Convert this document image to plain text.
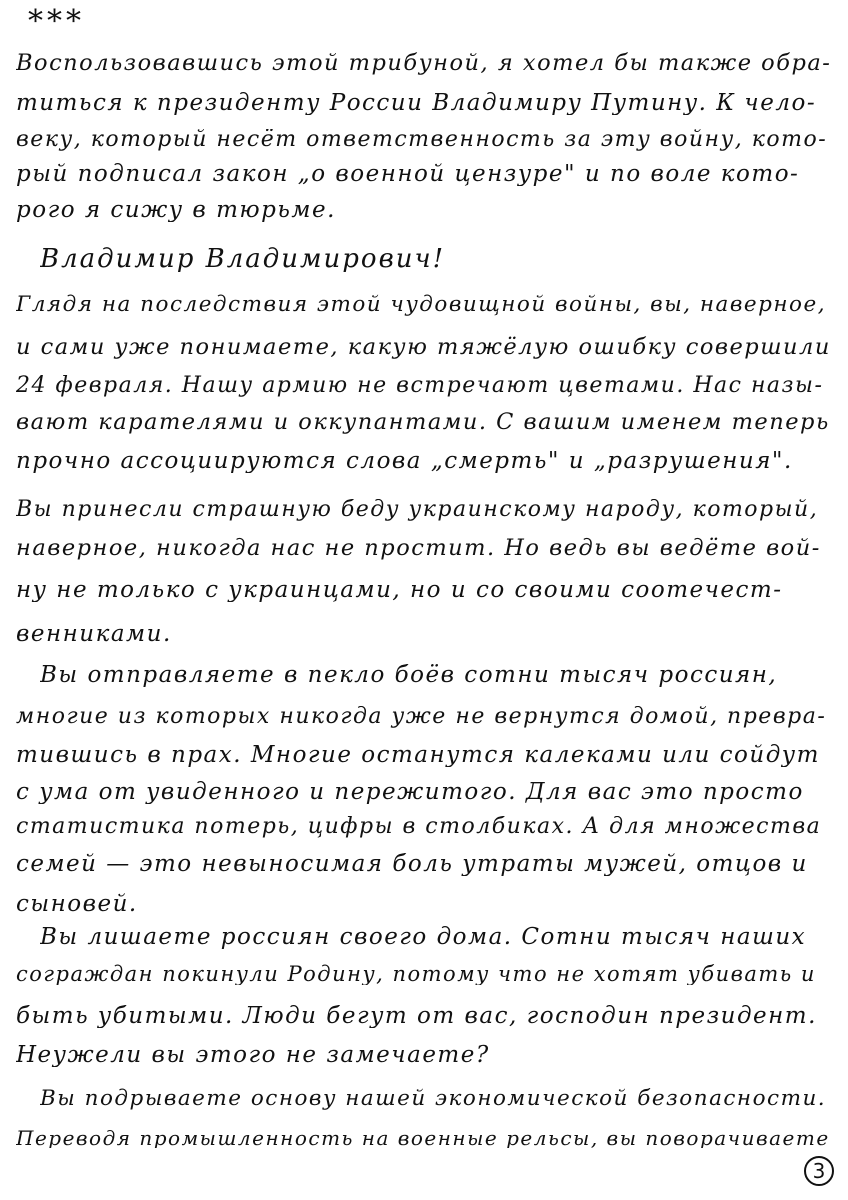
***
Воспользовавшись этой трибуной, я хотел бы также обра-
титься к президенту России Владимиру Путину. К чело-
веку, который несёт ответственность за эту войну, кото-
рый подписал закон „о военной цензуре" и по воле кото-
рого я сижу в тюрьме.
Владимир Владимирович!
Глядя на последствия этой чудовищной войны, вы, наверное,
и сами уже понимаете, какую тяжёлую ошибку совершили
24 февраля. Нашу армию не встречают цветами. Нас назы-
вают карателями и оккупантами. С вашим именем теперь
прочно ассоциируются слова „смерть" и „разрушения".
Вы принесли страшную беду украинскому народу, который,
наверное, никогда нас не простит. Но ведь вы ведёте вой-
ну не только с украинцами, но и со своими соотечест-
венниками.
Вы отправляете в пекло боёв сотни тысяч россиян,
многие из которых никогда уже не вернутся домой, превра-
тившись в прах. Многие останутся калеками или сойдут
с ума от увиденного и пережитого. Для вас это просто
статистика потерь, цифры в столбиках. А для множества
семей — это невыносимая боль утраты мужей, отцов и
сыновей.
Вы лишаете россиян своего дома. Сотни тысяч наших
сограждан покинули Родину, потому что не хотят убивать и
быть убитыми. Люди бегут от вас, господин президент.
Неужели вы этого не замечаете?
Вы подрываете основу нашей экономической безопасности.
Переводя промышленность на военные рельсы, вы поворачиваете
3
